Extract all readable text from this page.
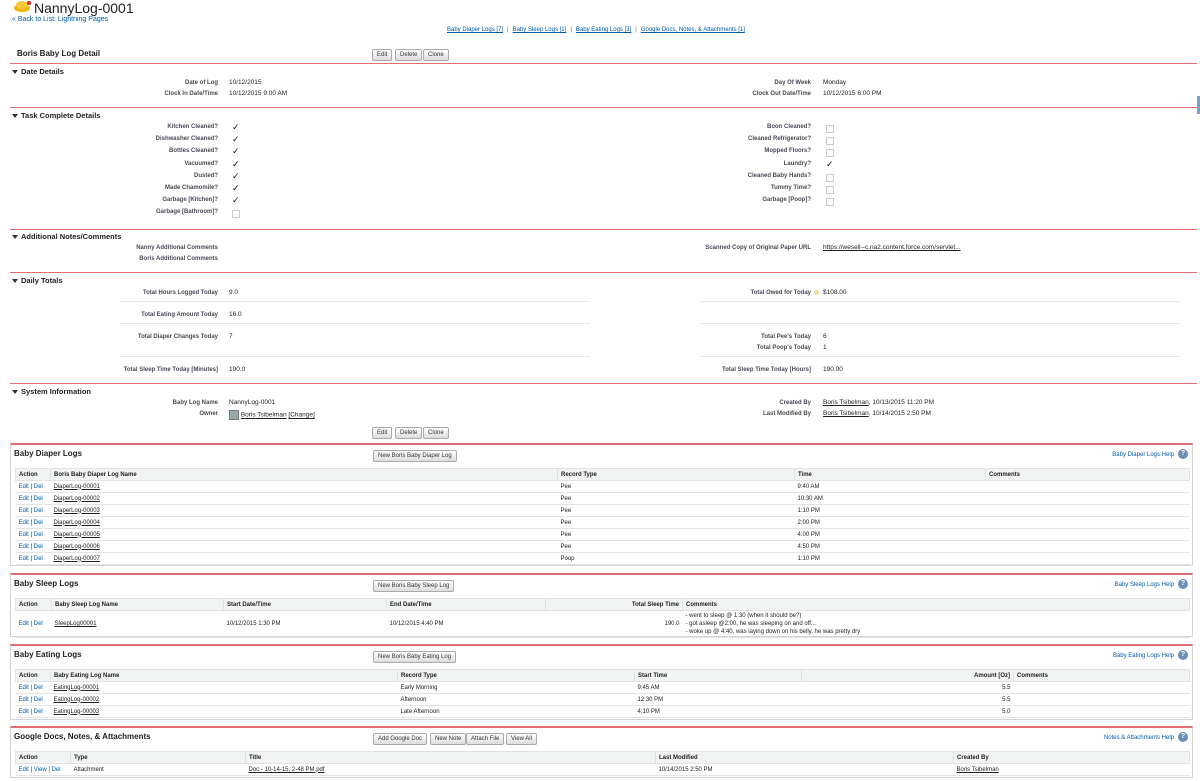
NannyLog-0001
« Back to List: Lightning Pages
Baby Diaper Logs [7] | Baby Sleep Logs [1] | Baby Eating Logs [3] | Google Docs, Notes, & Attachments [1]
Boris Baby Log Detail	Edit	Delete	Clone
Date Details
Date of Log 10/12/2015
Clock In Date/Time 10/12/2015 9:00 AM
Day Of Week Monday
Clock Out Date/Time 10/12/2015 6:00 PM
Task Complete Details
Kitchen Cleaned? ✓
Dishwasher Cleaned? ✓
Bottles Cleaned? ✓
Vacuumed? ✓
Dusted? ✓
Made Chamomile? ✓
Garbage [Kitchen]? ✓
Garbage [Bathroom]?
Boon Cleaned?
Cleaned Refrigerator?
Mopped Floors?
Laundry? ✓
Cleaned Baby Hands?
Tummy Time?
Garbage [Poop]?
Additional Notes/Comments
Nanny Additional Comments
Boris Additional Comments
Scanned Copy of Original Paper URL https://wesell--c.na2.content.force.com/servlet...
Daily Totals
Total Hours Logged Today 9.0	Total Owed for Today $108.00
Total Eating Amount Today 16.0
Total Diaper Changes Today 7	Total Pee's Today 6
Total Poop's Today 1
Total Sleep Time Today [Minutes] 190.0	Total Sleep Time Today [Hours] 190.00
System Information
Baby Log Name NannyLog-0001
Owner	Boris Tsibelman [Change]
Created By Boris Tsibelman, 10/13/2015 11:20 PM
Last Modified By Boris Tsibelman, 10/14/2015 2:50 PM
Edit	Delete	Clone
Baby Diaper Logs	New Boris Baby Diaper Log	Baby Diaper Logs Help ?
Action	Boris Baby Diaper Log Name	Record Type	Time	Comments
Edit | Del	DiaperLog-00001	Pee	9:40 AM	
Edit | Del	DiaperLog-00002	Pee	10:30 AM	
Edit | Del	DiaperLog-00003	Pee	1:10 PM	
Edit | Del	DiaperLog-00004	Pee	2:00 PM	
Edit | Del	DiaperLog-00005	Pee	4:00 PM	
Edit | Del	DiaperLog-00006	Pee	4:50 PM	
Edit | Del	DiaperLog-00007	Poop	1:10 PM	
Baby Sleep Logs	New Boris Baby Sleep Log	Baby Sleep Logs Help ?
Action	Baby Sleep Log Name	Start Date/Time	End Date/Time	Total Sleep Time	Comments
Edit | Del	SleepLog00001	10/12/2015 1:30 PM	10/12/2015 4:40 PM	190.0	- went to sleep @ 1:30 (when it should be?)
- got asleep @2:00, he was sleeping on and off...
- woke up @ 4:40, was laying down on his belly, he was pretty dry
Baby Eating Logs	New Boris Baby Eating Log	Baby Eating Logs Help ?
Action	Baby Eating Log Name	Record Type	Start Time	Amount [Oz]	Comments
Edit | Del	EatingLog-00001	Early Morning	9:45 AM	5.5	
Edit | Del	EatingLog-00002	Afternoon	12:30 PM	5.5	
Edit | Del	EatingLog-00003	Late Afternoon	4:10 PM	5.0	
Google Docs, Notes, & Attachments	Add Google Doc	New Note	Attach File	View All	Notes & Attachments Help ?
Action	Type	Title	Last Modified	Created By
Edit | View | Del	Attachment	Doc - 10-14-15, 2-48 PM.pdf	10/14/2015 2:50 PM	Boris Tsibelman
